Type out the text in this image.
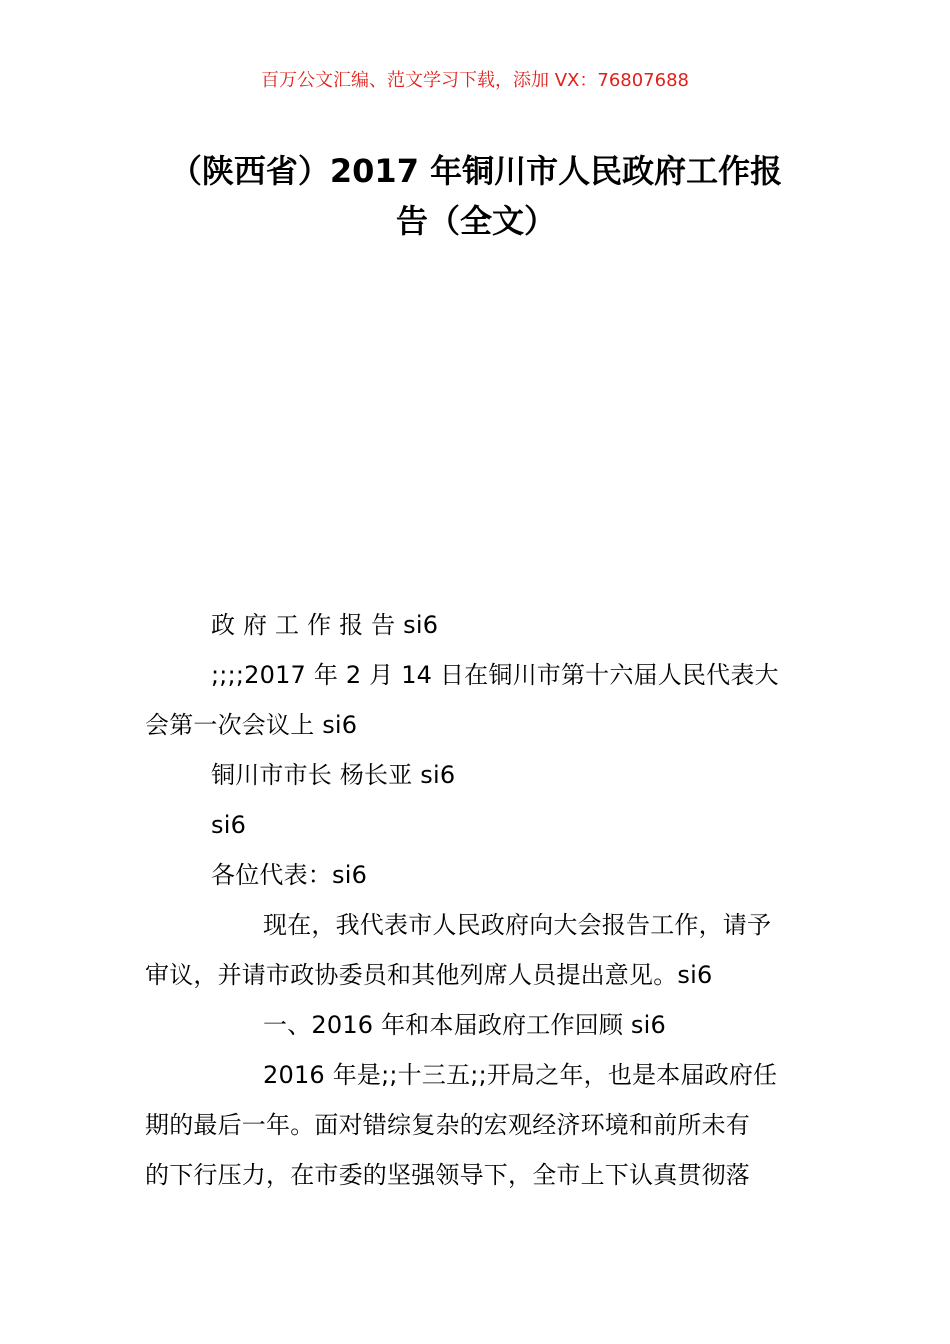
百万公文汇编、范文学习下载，添加 VX：76807688
（陕西省）2017 年铜川市人民政府工作报
告（全文）

政 府 工 作 报 告 si6

;;;;2017 年 2 月 14 日在铜川市第十六届人民代表大

会第一次会议上 si6

铜川市市长 杨长亚 si6

si6

各位代表：si6

现在，我代表市人民政府向大会报告工作，请予

审议，并请市政协委员和其他列席人员提出意见。si6

一、2016 年和本届政府工作回顾 si6

2016 年是;;十三五;;开局之年，也是本届政府任

期的最后一年。面对错综复杂的宏观经济环境和前所未有

的下行压力，在市委的坚强领导下，全市上下认真贯彻落
